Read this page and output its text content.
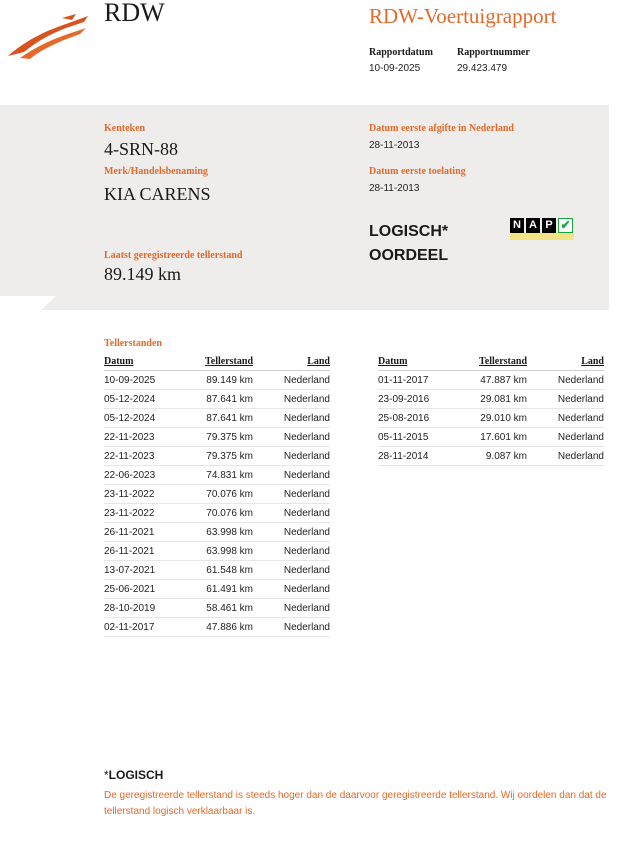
RDW	RDW-Voertuigrapport
Rapportdatum
10-09-2025
Rapportnummer
29.423.479
Kenteken
4-SRN-88
Merk/Handelsbenaming
KIA CARENS
Laatst geregistreerde tellerstand
89.149 km
Datum eerste afgifte in Nederland
28-11-2013
Datum eerste toelating
28-11-2013
LOGISCH*
OORDEEL
N A P ✔
Tellerstanden
Datum	Tellerstand	Land
10-09-2025	89.149 km	Nederland
05-12-2024	87.641 km	Nederland
05-12-2024	87.641 km	Nederland
22-11-2023	79.375 km	Nederland
22-11-2023	79.375 km	Nederland
22-06-2023	74.831 km	Nederland
23-11-2022	70.076 km	Nederland
23-11-2022	70.076 km	Nederland
26-11-2021	63.998 km	Nederland
26-11-2021	63.998 km	Nederland
13-07-2021	61.548 km	Nederland
25-06-2021	61.491 km	Nederland
28-10-2019	58.461 km	Nederland
02-11-2017	47.886 km	Nederland
Datum	Tellerstand	Land
01-11-2017	47.887 km	Nederland
23-09-2016	29.081 km	Nederland
25-08-2016	29.010 km	Nederland
05-11-2015	17.601 km	Nederland
28-11-2014	9.087 km	Nederland
*LOGISCH
De geregistreerde tellerstand is steeds hoger dan de daarvoor geregistreerde tellerstand. Wij oordelen dan dat de tellerstand logisch verklaarbaar is.
